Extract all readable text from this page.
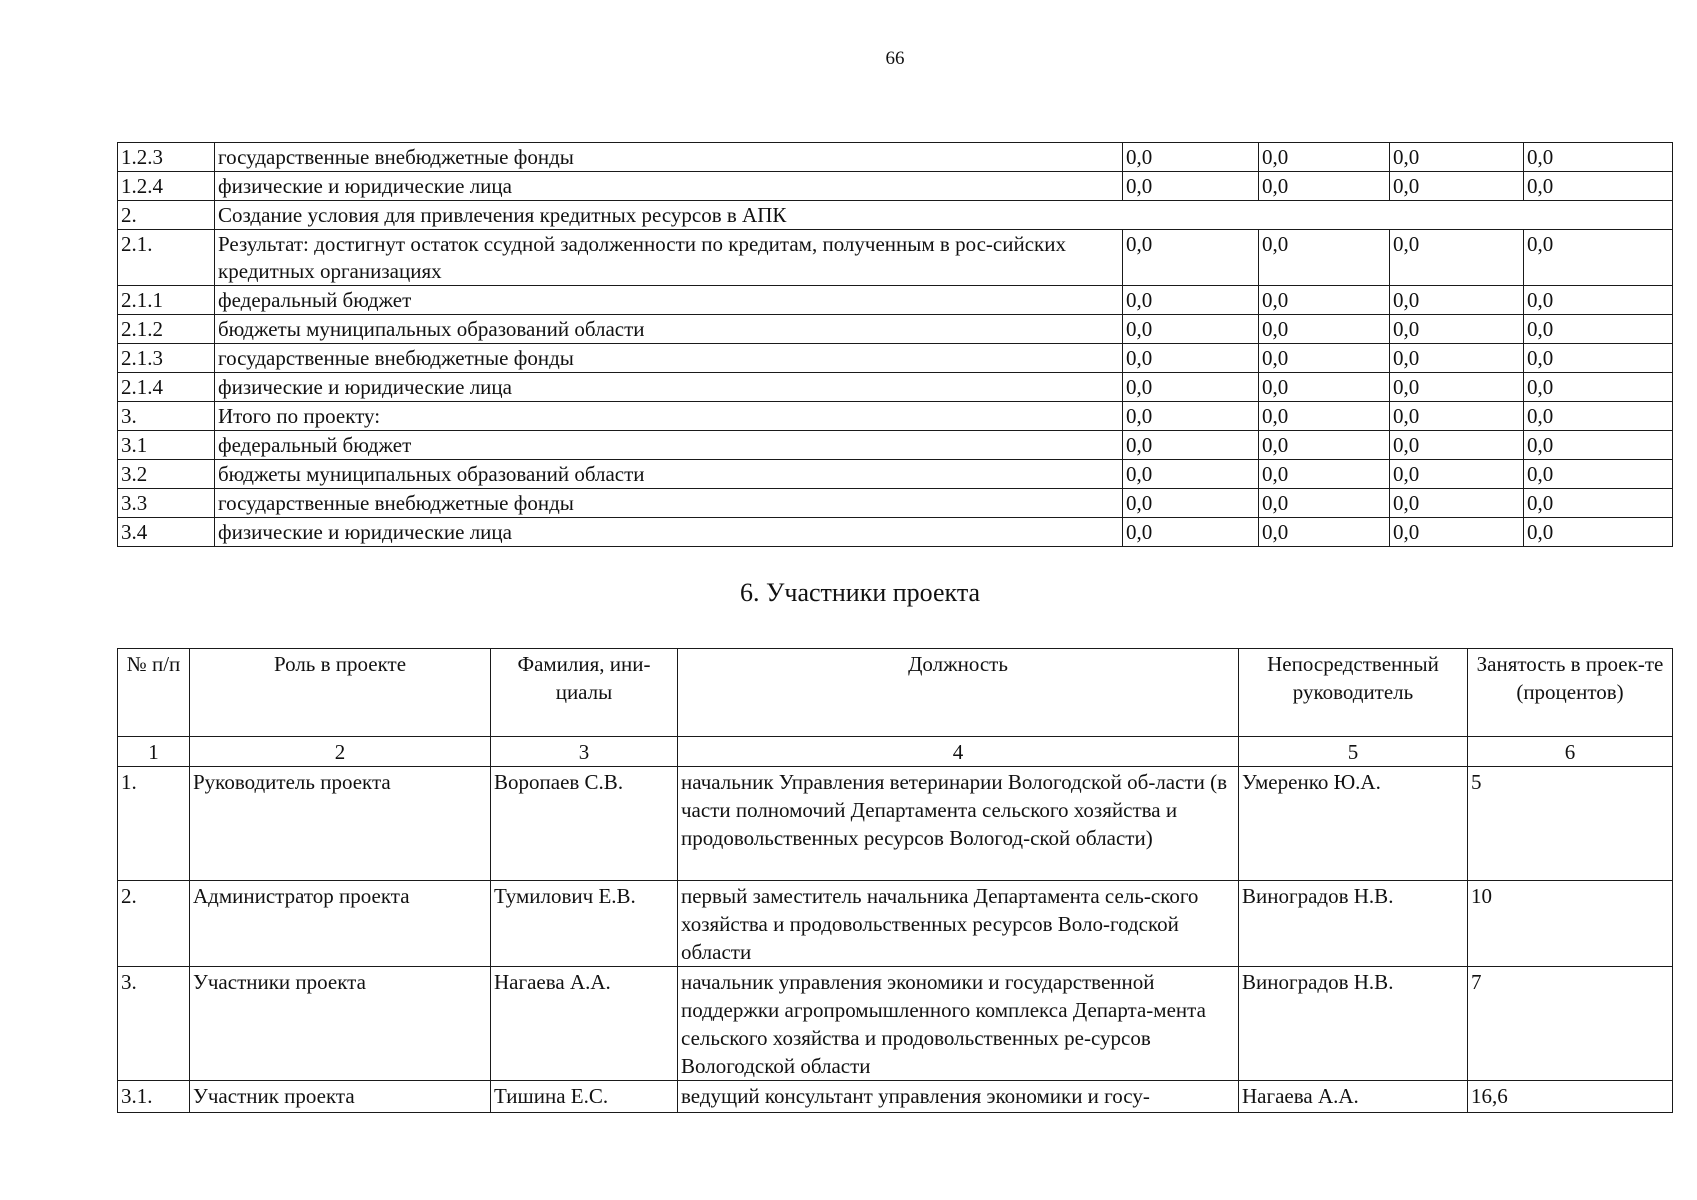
66
1.2.3	государственные внебюджетные фонды	0,0	0,0	0,0	0,0
1.2.4	физические и юридические лица	0,0	0,0	0,0	0,0
2.	Создание условия для привлечения кредитных ресурсов в АПК				
2.1.	Результат: достигнут остаток ссудной задолженности по кредитам, полученным в рос-сийских кредитных организациях	0,0	0,0	0,0	0,0
2.1.1	федеральный бюджет	0,0	0,0	0,0	0,0
2.1.2	бюджеты муниципальных образований области	0,0	0,0	0,0	0,0
2.1.3	государственные внебюджетные фонды	0,0	0,0	0,0	0,0
2.1.4	физические и юридические лица	0,0	0,0	0,0	0,0
3.	Итого по проекту:	0,0	0,0	0,0	0,0
3.1	федеральный бюджет	0,0	0,0	0,0	0,0
3.2	бюджеты муниципальных образований области	0,0	0,0	0,0	0,0
3.3	государственные внебюджетные фонды	0,0	0,0	0,0	0,0
3.4	физические и юридические лица	0,0	0,0	0,0	0,0
6. Участники проекта
№ п/п	Роль в проекте	Фамилия, ини-циалы	Должность	Непосредственный руководитель	Занятость в проек-те (процентов)
1	2	3	4	5	6
1.	Руководитель проекта	Воропаев С.В.	начальник Управления ветеринарии Вологодской об-ласти (в части полномочий Департамента сельского хозяйства и продовольственных ресурсов Вологод-ской области)	Умеренко Ю.А.	5
2.	Администратор проекта	Тумилович Е.В.	первый заместитель начальника Департамента сель-ского хозяйства и продовольственных ресурсов Воло-годской области	Виноградов Н.В.	10
3.	Участники проекта	Нагаева А.А.	начальник управления экономики и государственной поддержки агропромышленного комплекса Департа-мента сельского хозяйства и продовольственных ре-сурсов Вологодской области	Виноградов Н.В.	7
3.1.	Участник проекта	Тишина Е.С.	ведущий консультант управления экономики и госу-	Нагаева А.А.	16,6
